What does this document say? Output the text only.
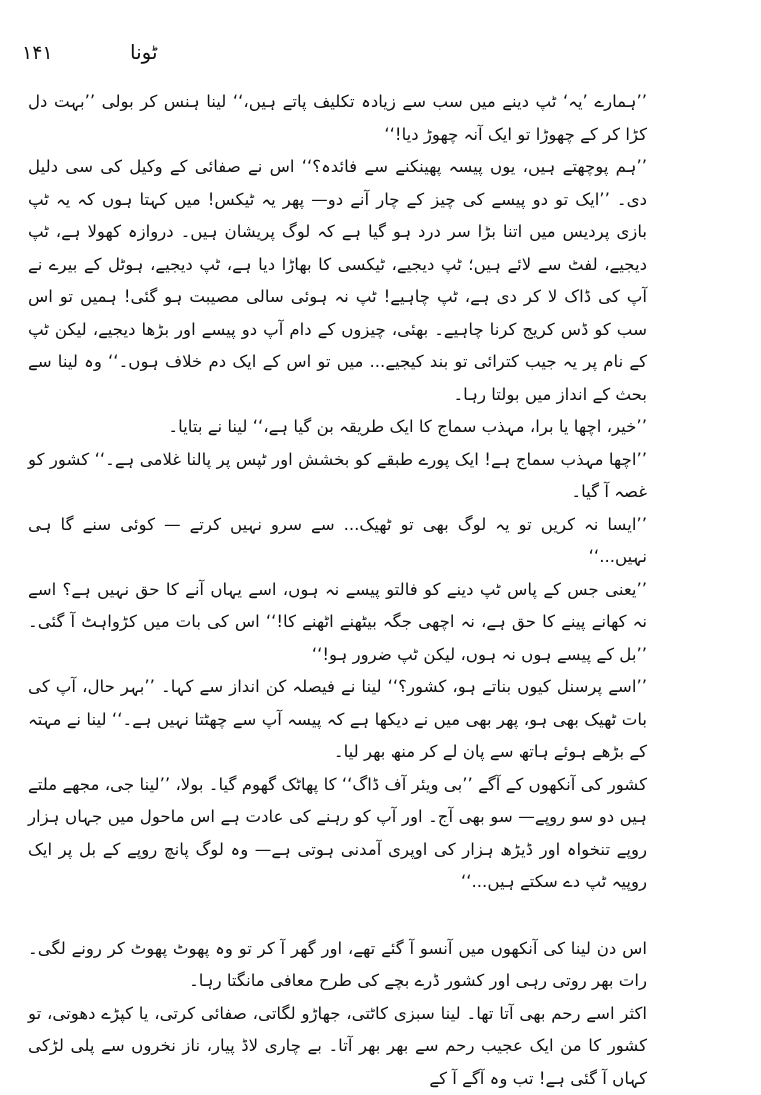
۱۴۱	ٹونا

’’ہمارے ’یہ‘ ٹپ دینے میں سب سے زیادہ تکلیف پاتے ہیں،‘‘ لینا ہنس کر بولی ’’بہت دل کڑا کر کے چھوڑا تو ایک آنہ چھوڑ دیا!‘‘

’’ہم پوچھتے ہیں، یوں پیسہ پھینکنے سے فائدہ؟‘‘ اس نے صفائی کے وکیل کی سی دلیل دی۔ ’’ایک تو دو پیسے کی چیز کے چار آنے دو— پھر یہ ٹیکس! میں کہتا ہوں کہ یہ ٹپ بازی پردیس میں اتنا بڑا سر درد ہو گیا ہے کہ لوگ پریشان ہیں۔ دروازہ کھولا ہے، ٹپ دیجیے، لفٹ سے لائے ہیں؛ ٹپ دیجیے، ٹیکسی کا بھاڑا دیا ہے، ٹپ دیجیے، ہوٹل کے بیرے نے آپ کی ڈاک لا کر دی ہے، ٹپ چاہیے! ٹپ نہ ہوئی سالی مصیبت ہو گئی! ہمیں تو اس سب کو ڈس کریج کرنا چاہیے۔ بھئی، چیزوں کے دام آپ دو پیسے اور بڑھا دیجیے، لیکن ٹپ کے نام پر یہ جیب کترائی تو بند کیجیے... میں تو اس کے ایک دم خلاف ہوں۔‘‘ وہ لینا سے بحث کے انداز میں بولتا رہا۔

’’خیر، اچھا یا برا، مہذب سماج کا ایک طریقہ بن گیا ہے،‘‘ لینا نے بتایا۔

’’اچھا مہذب سماج ہے! ایک پورے طبقے کو بخشش اور ٹپس پر پالنا غلامی ہے۔‘‘ کشور کو غصہ آ گیا۔

’’ایسا نہ کریں تو یہ لوگ بھی تو ٹھیک... سے سرو نہیں کرتے — کوئی سنے گا ہی نہیں...‘‘

’’یعنی جس کے پاس ٹپ دینے کو فالتو پیسے نہ ہوں، اسے یہاں آنے کا حق نہیں ہے؟ اسے نہ کھانے پینے کا حق ہے، نہ اچھی جگہ بیٹھنے اٹھنے کا!‘‘ اس کی بات میں کڑواہٹ آ گئی۔ ’’بل کے پیسے ہوں نہ ہوں، لیکن ٹپ ضرور ہو!‘‘

’’اسے پرسنل کیوں بناتے ہو، کشور؟‘‘ لینا نے فیصلہ کن انداز سے کہا۔ ’’بہر حال، آپ کی بات ٹھیک بھی ہو، پھر بھی میں نے دیکھا ہے کہ پیسہ آپ سے چھٹتا نہیں ہے۔‘‘ لینا نے مہتہ کے بڑھے ہوئے ہاتھ سے پان لے کر منھ بھر لیا۔

کشور کی آنکھوں کے آگے ’’بی ویئر آف ڈاگ‘‘ کا پھاٹک گھوم گیا۔ بولا، ’’لینا جی، مجھے ملتے ہیں دو سو روپے— سو بھی آج۔ اور آپ کو رہنے کی عادت ہے اس ماحول میں جہاں ہزار روپے تنخواہ اور ڈیڑھ ہزار کی اوپری آمدنی ہوتی ہے— وہ لوگ پانچ روپے کے بل پر ایک روپیہ ٹپ دے سکتے ہیں...‘‘

اس دن لینا کی آنکھوں میں آنسو آ گئے تھے، اور گھر آ کر تو وہ پھوٹ پھوٹ کر رونے لگی۔ رات بھر روتی رہی اور کشور ڈرے بچے کی طرح معافی مانگتا رہا۔

اکثر اسے رحم بھی آتا تھا۔ لینا سبزی کاٹتی، جھاڑو لگاتی، صفائی کرتی، یا کپڑے دھوتی، تو کشور کا من ایک عجیب رحم سے بھر بھر آتا۔ بے چاری لاڈ پیار، ناز نخروں سے پلی لڑکی کہاں آ گئی ہے! تب وہ آگے آ کے
